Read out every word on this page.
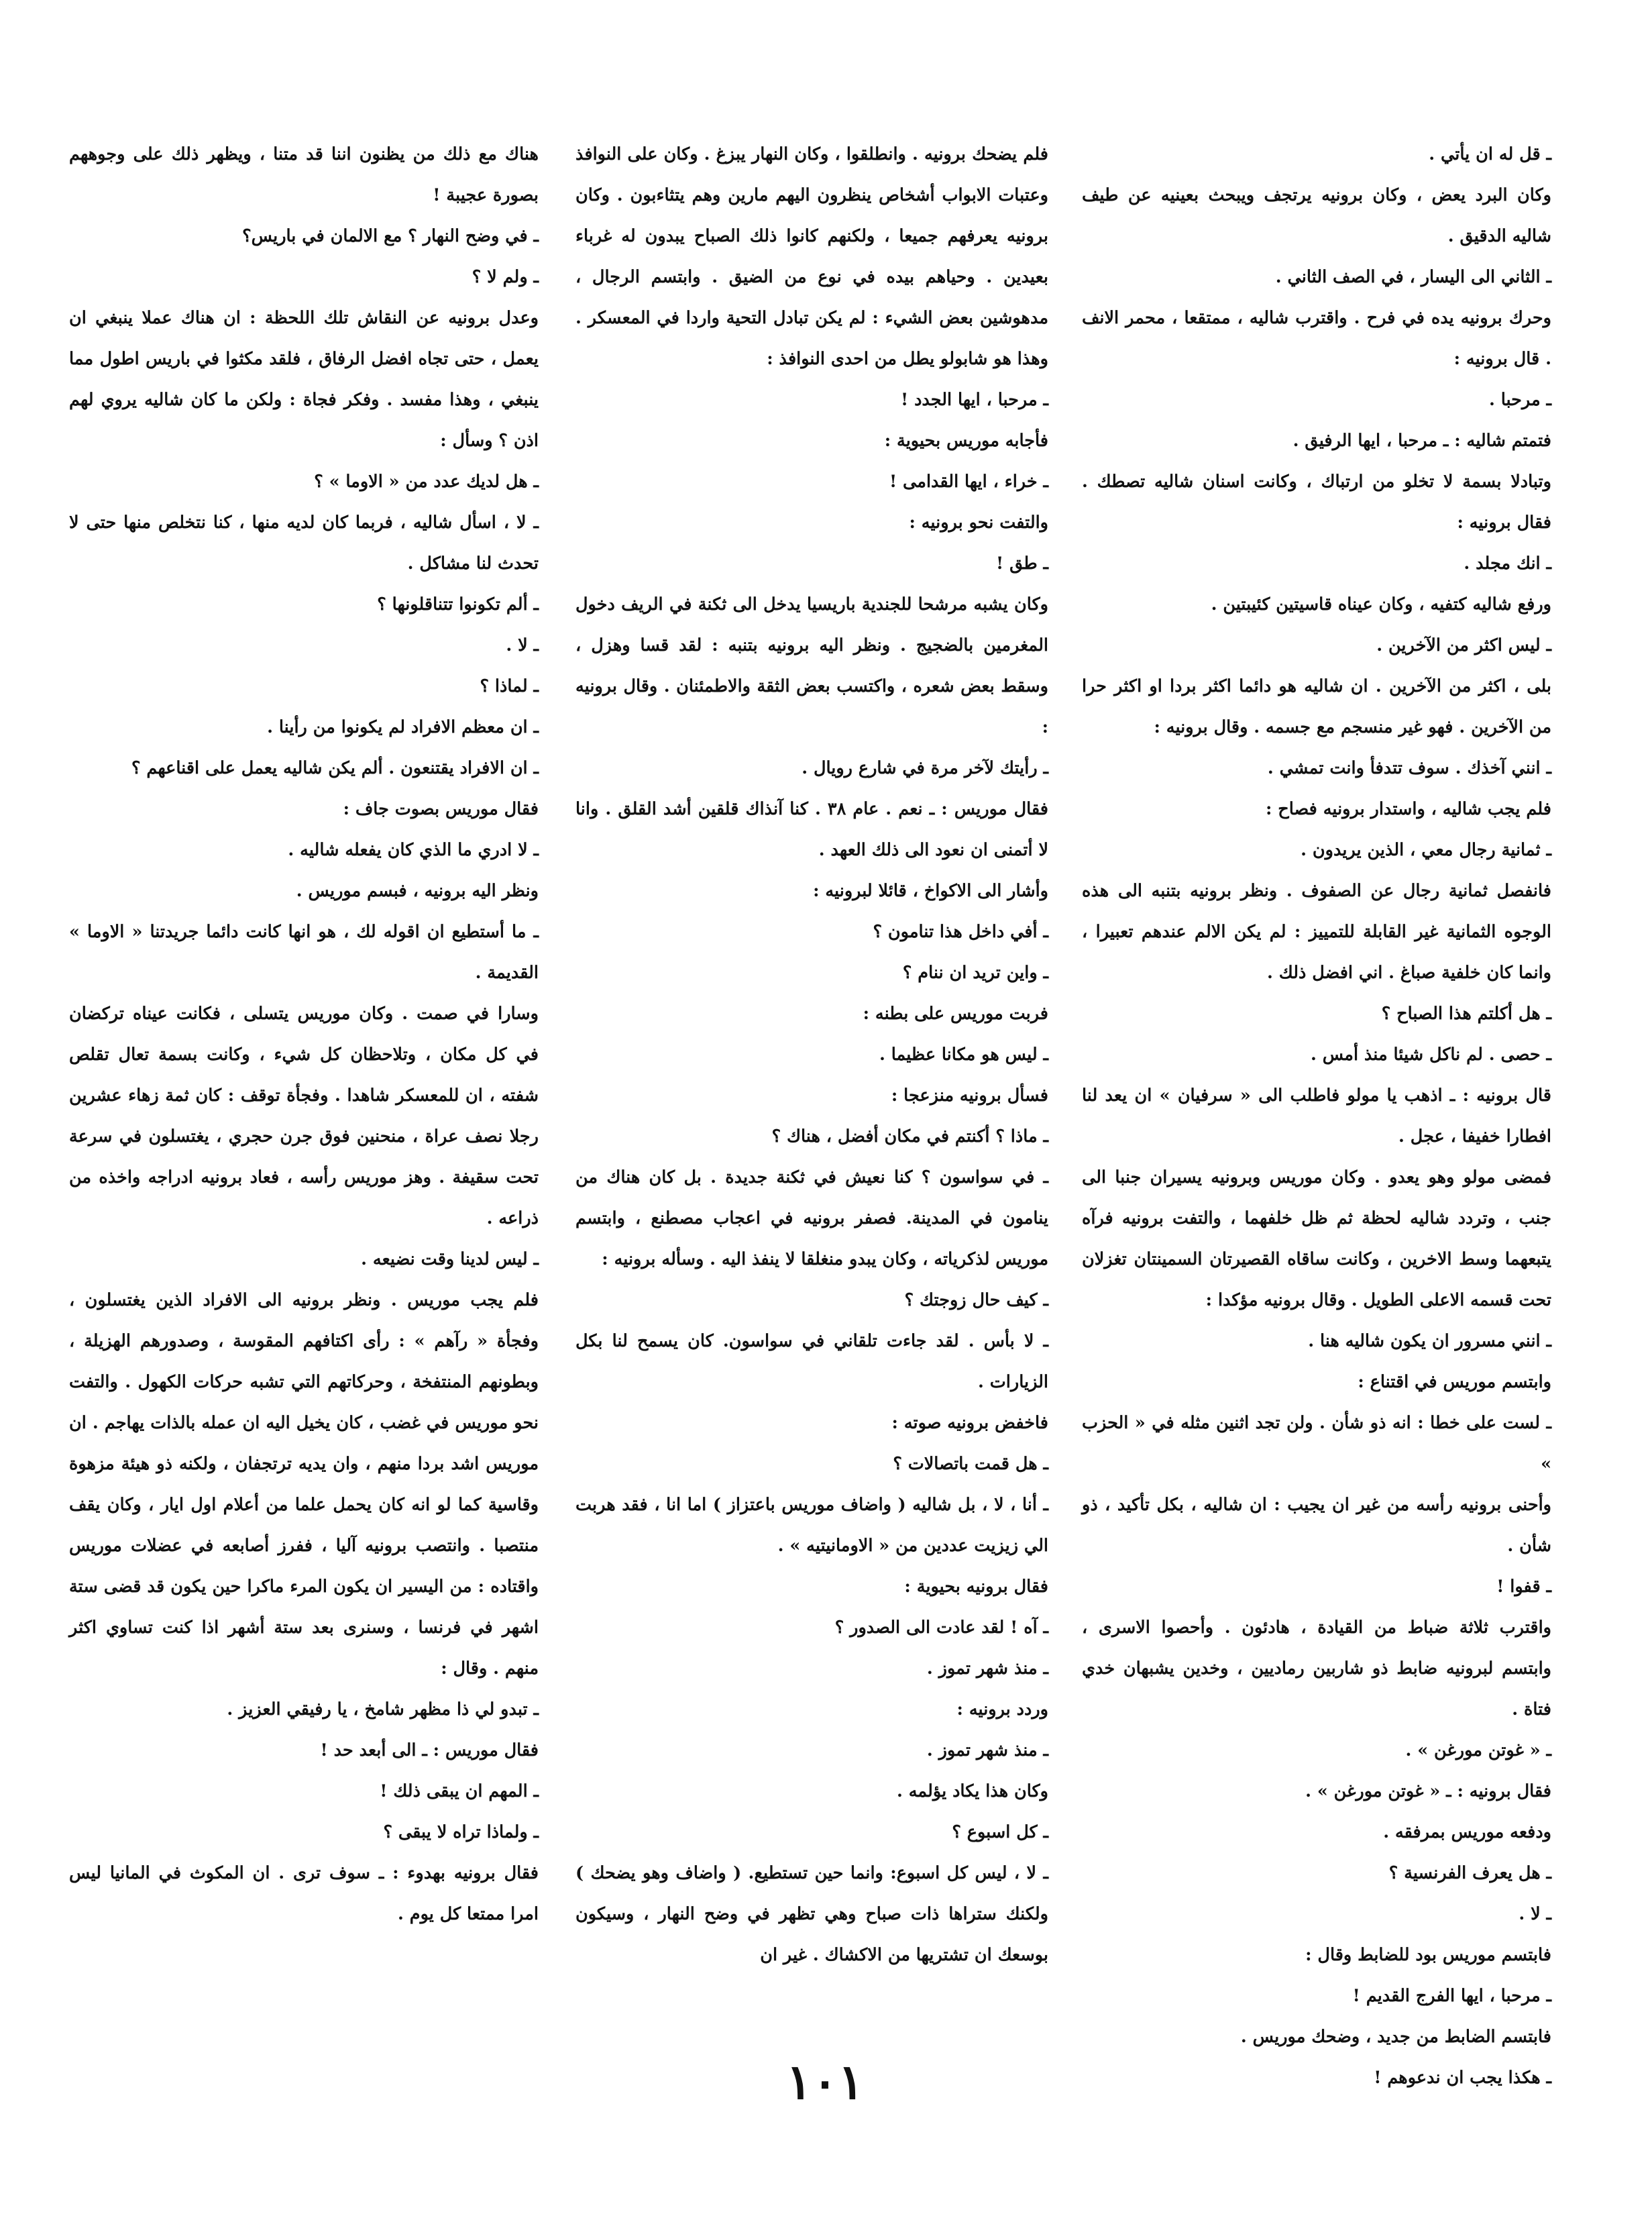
ـ قل له ان يأتي .

وكان البرد يعض ، وكان برونيه يرتجف ويبحث بعينيه عن طيف شاليه الدقيق .

ـ الثاني الى اليسار ، في الصف الثاني .

وحرك برونيه يده في فرح . واقترب شاليه ، ممتقعا ، محمر الانف . قال برونيه :

ـ مرحبا .

فتمتم شاليه : ـ مرحبا ، ايها الرفيق .

وتبادلا بسمة لا تخلو من ارتباك ، وكانت اسنان شاليه تصطك . فقال برونيه :

ـ انك مجلد .

ورفع شاليه كتفيه ، وكان عيناه قاسيتين كئيبتين .

ـ ليس اكثر من الآخرين .

بلى ، اكثر من الآخرين . ان شاليه هو دائما اكثر بردا او اكثر حرا من الآخرين . فهو غير منسجم مع جسمه . وقال برونيه :

ـ انني آخذك . سوف تتدفأ وانت تمشي .

فلم يجب شاليه ، واستدار برونيه فصاح :

ـ ثمانية رجال معي ، الذين يريدون .

فانفصل ثمانية رجال عن الصفوف . ونظر برونيه بتنبه الى هذه الوجوه الثمانية غير القابلة للتمييز : لم يكن الالم عندهم تعبيرا ، وانما كان خلفية صباغ . اني افضل ذلك .

ـ هل أكلتم هذا الصباح ؟

ـ حصى . لم ناكل شيئا منذ أمس .

قال برونيه : ـ اذهب يا مولو فاطلب الى « سرفيان » ان يعد لنا افطارا خفيفا ، عجل .

فمضى مولو وهو يعدو . وكان موريس وبرونيه يسيران جنبا الى جنب ، وتردد شاليه لحظة ثم ظل خلفهما ، والتفت برونيه فرآه يتبعهما وسط الاخرين ، وكانت ساقاه القصيرتان السمينتان تغزلان تحت قسمه الاعلى الطويل . وقال برونيه مؤكدا :

ـ انني مسرور ان يكون شاليه هنا .

وابتسم موريس في اقتناع :

ـ لست على خطا : انه ذو شأن . ولن تجد اثنين مثله في « الحزب »

وأحنى برونيه رأسه من غير ان يجيب : ان شاليه ، بكل تأكيد ، ذو شأن .

ـ قفوا !

واقترب ثلاثة ضباط من القيادة ، هادئون . وأحصوا الاسرى ، وابتسم لبرونيه ضابط ذو شاربين رماديين ، وخدين يشبهان خدي فتاة .

ـ « غوتن مورغن » .

فقال برونيه : ـ « غوتن مورغن » .

ودفعه موريس بمرفقه .

ـ هل يعرف الفرنسية ؟

ـ لا .

فابتسم موريس بود للضابط وقال :

ـ مرحبا ، ايها الفرج القديم !

فابتسم الضابط من جديد ، وضحك موريس .

ـ هكذا يجب ان ندعوهم !

فلم يضحك برونيه . وانطلقوا ، وكان النهار يبزغ . وكان على النوافذ وعتبات الابواب أشخاص ينظرون اليهم مارين وهم يتثاءبون . وكان برونيه يعرفهم جميعا ، ولكنهم كانوا ذلك الصباح يبدون له غرباء بعيدين . وحياهم بيده في نوع من الضيق . وابتسم الرجال ، مدهوشين بعض الشيء : لم يكن تبادل التحية واردا في المعسكر . وهذا هو شابولو يطل من احدى النوافذ :

ـ مرحبا ، ايها الجدد !

فأجابه موريس بحيوية :

ـ خراء ، ايها القدامى !

والتفت نحو برونيه :

ـ طق !

وكان يشبه مرشحا للجندية باريسيا يدخل الى ثكنة في الريف دخول المغرمين بالضجيج . ونظر اليه برونيه بتنبه : لقد قسا وهزل ، وسقط بعض شعره ، واكتسب بعض الثقة والاطمئنان . وقال برونيه :

ـ رأيتك لآخر مرة في شارع رويال .

فقال موريس : ـ نعم . عام ٣٨ . كنا آنذاك قلقين أشد القلق . وانا لا أتمنى ان نعود الى ذلك العهد .

وأشار الى الاكواخ ، قائلا لبرونيه :

ـ أفي داخل هذا تنامون ؟

ـ واين تريد ان ننام ؟

فربت موريس على بطنه :

ـ ليس هو مكانا عظيما .

فسأل برونيه منزعجا :

ـ ماذا ؟ أكنتم في مكان أفضل ، هناك ؟

ـ في سواسون ؟ كنا نعيش في ثكنة جديدة . بل كان هناك من ينامون في المدينة. فصفر برونيه في اعجاب مصطنع ، وابتسم موريس لذكرياته ، وكان يبدو منغلقا لا ينفذ اليه . وسأله برونيه :

ـ كيف حال زوجتك ؟

ـ لا بأس . لقد جاءت تلقاني في سواسون. كان يسمح لنا بكل الزيارات .

فاخفض برونيه صوته :

ـ هل قمت باتصالات ؟

ـ أنا ، لا ، بل شاليه ( واضاف موريس باعتزاز ) اما انا ، فقد هربت الي زيزيت عددين من « الاومانيتيه » .

فقال برونيه بحيوية :

ـ آه ! لقد عادت الى الصدور ؟

ـ منذ شهر تموز .

وردد برونيه :

ـ منذ شهر تموز .

وكان هذا يكاد يؤلمه .

ـ كل اسبوع ؟

ـ لا ، ليس كل اسبوع: وانما حين تستطيع. ( واضاف وهو يضحك ) ولكنك ستراها ذات صباح وهي تظهر في وضح النهار ، وسيكون بوسعك ان تشتريها من الاكشاك . غير ان

هناك مع ذلك من يظنون اننا قد متنا ، ويظهر ذلك على وجوههم بصورة عجيبة !

ـ في وضح النهار ؟ مع الالمان في باريس؟

ـ ولم لا ؟

وعدل برونيه عن النقاش تلك اللحظة : ان هناك عملا ينبغي ان يعمل ، حتى تجاه افضل الرفاق ، فلقد مكثوا في باريس اطول مما ينبغي ، وهذا مفسد . وفكر فجاة : ولكن ما كان شاليه يروي لهم اذن ؟ وسأل :

ـ هل لديك عدد من « الاوما » ؟

ـ لا ، اسأل شاليه ، فربما كان لديه منها ، كنا نتخلص منها حتى لا تحدث لنا مشاكل .

ـ ألم تكونوا تتناقلونها ؟

ـ لا .

ـ لماذا ؟

ـ ان معظم الافراد لم يكونوا من رأينا .

ـ ان الافراد يقتنعون . ألم يكن شاليه يعمل على اقناعهم ؟

فقال موريس بصوت جاف :

ـ لا ادري ما الذي كان يفعله شاليه .

ونظر اليه برونيه ، فبسم موريس .

ـ ما أستطيع ان اقوله لك ، هو انها كانت دائما جريدتنا « الاوما » القديمة .

وسارا في صمت . وكان موريس يتسلى ، فكانت عيناه تركضان في كل مكان ، وتلاحظان كل شيء ، وكانت بسمة تعال تقلص شفته ، ان للمعسكر شاهدا . وفجأة توقف : كان ثمة زهاء عشرين رجلا نصف عراة ، منحنين فوق جرن حجري ، يغتسلون في سرعة تحت سقيفة . وهز موريس رأسه ، فعاد برونيه ادراجه واخذه من ذراعه .

ـ ليس لدينا وقت نضيعه .

فلم يجب موريس . ونظر برونيه الى الافراد الذين يغتسلون ، وفجأة « رآهم » : رأى اكتافهم المقوسة ، وصدورهم الهزيلة ، وبطونهم المنتفخة ، وحركاتهم التي تشبه حركات الكهول . والتفت نحو موريس في غضب ، كان يخيل اليه ان عمله بالذات يهاجم . ان موريس اشد بردا منهم ، وان يديه ترتجفان ، ولكنه ذو هيئة مزهوة وقاسية كما لو انه كان يحمل علما من أعلام اول ايار ، وكان يقف منتصبا . وانتصب برونيه آليا ، ففرز أصابعه في عضلات موريس واقتاده : من اليسير ان يكون المرء ماكرا حين يكون قد قضى ستة اشهر في فرنسا ، وسنرى بعد ستة أشهر اذا كنت تساوي اكثر منهم . وقال :

ـ تبدو لي ذا مظهر شامخ ، يا رفيقي العزيز .

فقال موريس : ـ الى أبعد حد !

ـ المهم ان يبقى ذلك !

ـ ولماذا تراه لا يبقى ؟

فقال برونيه بهدوء : ـ سوف ترى . ان المكوث في المانيا ليس امرا ممتعا كل يوم .

١٠١
